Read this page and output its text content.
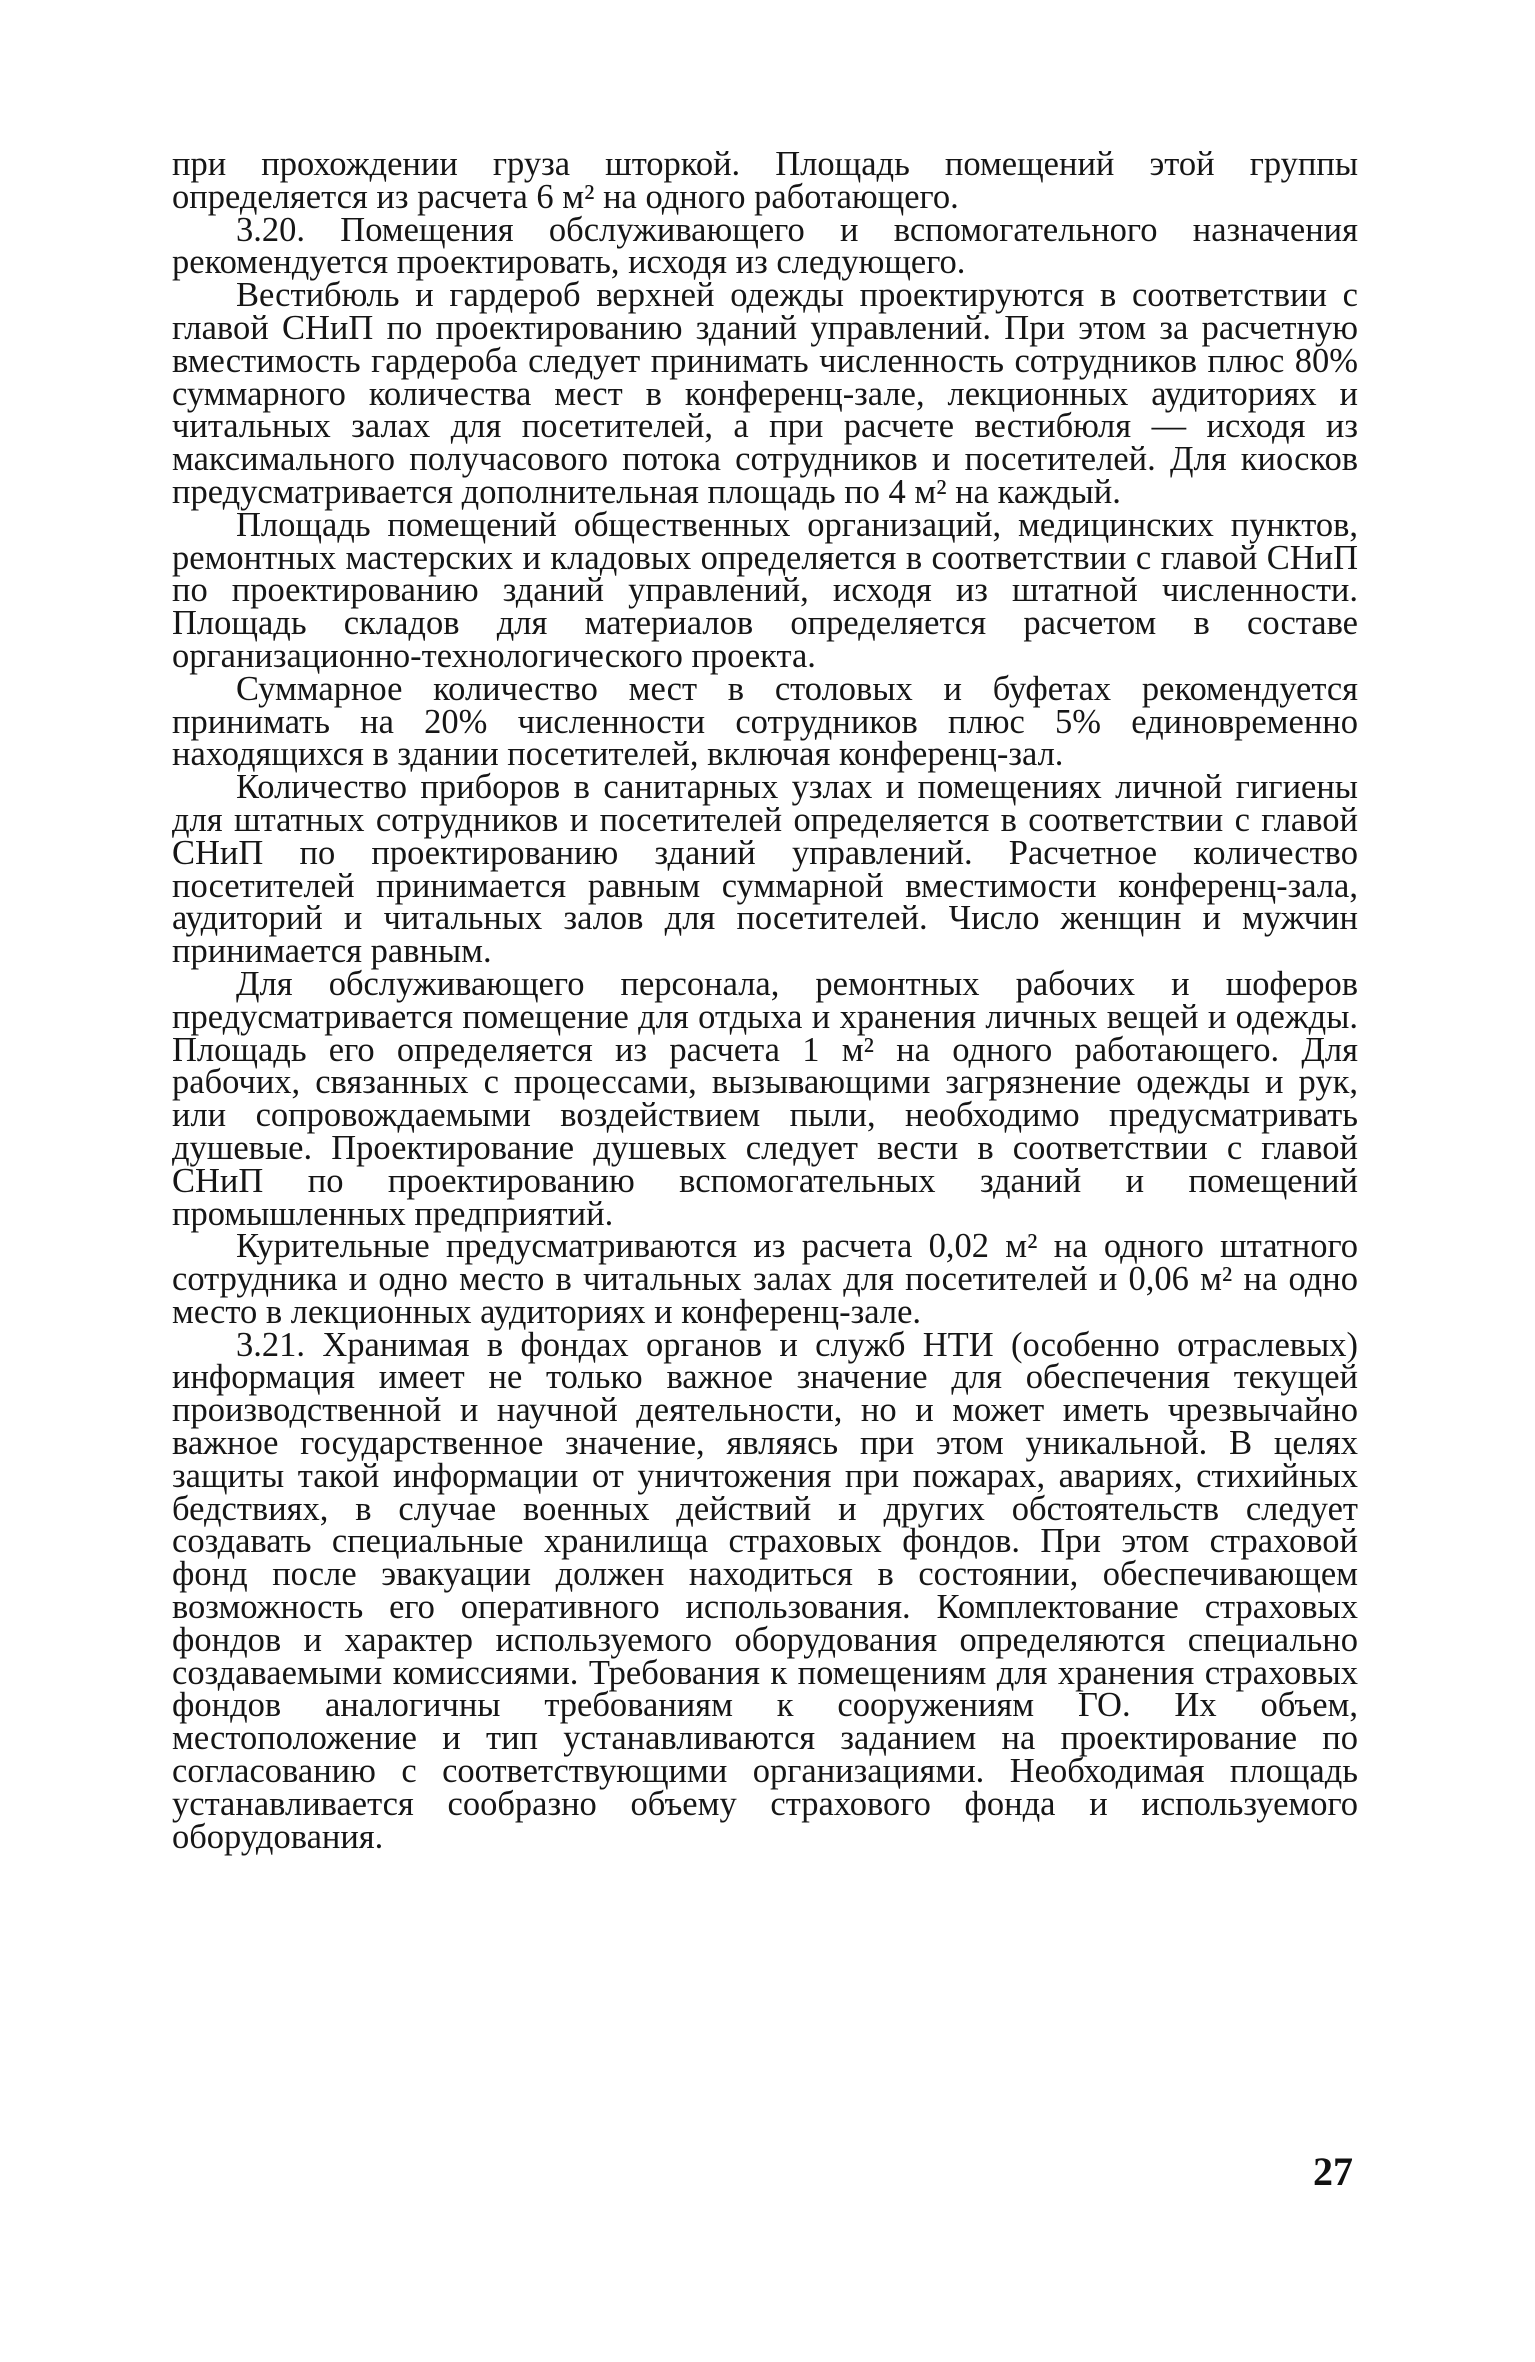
при прохождении груза шторкой. Площадь помещений этой группы определяется из расчета 6 м² на одного работающего.

3.20. Помещения обслуживающего и вспомогательного назначения рекомендуется проектировать, исходя из следующего.

Вестибюль и гардероб верхней одежды проектируются в соответствии с главой СНиП по проектированию зданий управлений. При этом за расчетную вместимость гардероба следует принимать численность сотрудников плюс 80% суммарного количества мест в конференц-зале, лекционных аудиториях и читальных залах для посетителей, а при расчете вестибюля — исходя из максимального получасового потока сотрудников и посетителей. Для киосков предусматривается дополнительная площадь по 4 м² на каждый.

Площадь помещений общественных организаций, медицинских пунктов, ремонтных мастерских и кладовых определяется в соответствии с главой СНиП по проектированию зданий управлений, исходя из штатной численности. Площадь складов для материалов определяется расчетом в составе организационно-технологического проекта.

Суммарное количество мест в столовых и буфетах рекомендуется принимать на 20% численности сотрудников плюс 5% единовременно находящихся в здании посетителей, включая конференц-зал.

Количество приборов в санитарных узлах и помещениях личной гигиены для штатных сотрудников и посетителей определяется в соответствии с главой СНиП по проектированию зданий управлений. Расчетное количество посетителей принимается равным суммарной вместимости конференц-зала, аудиторий и читальных залов для посетителей. Число женщин и мужчин принимается равным.

Для обслуживающего персонала, ремонтных рабочих и шоферов предусматривается помещение для отдыха и хранения личных вещей и одежды. Площадь его определяется из расчета 1 м² на одного работающего. Для рабочих, связанных с процессами, вызывающими загрязнение одежды и рук, или сопровождаемыми воздействием пыли, необходимо предусматривать душевые. Проектирование душевых следует вести в соответствии с главой СНиП по проектированию вспомогательных зданий и помещений промышленных предприятий.

Курительные предусматриваются из расчета 0,02 м² на одного штатного сотрудника и одно место в читальных залах для посетителей и 0,06 м² на одно место в лекционных аудиториях и конференц-зале.

3.21. Хранимая в фондах органов и служб НТИ (особенно отраслевых) информация имеет не только важное значение для обеспечения текущей производственной и научной деятельности, но и может иметь чрезвычайно важное государственное значение, являясь при этом уникальной. В целях защиты такой информации от уничтожения при пожарах, авариях, стихийных бедствиях, в случае военных действий и других обстоятельств следует создавать специальные хранилища страховых фондов. При этом страховой фонд после эвакуации должен находиться в состоянии, обеспечивающем возможность его оперативного использования. Комплектование страховых фондов и характер используемого оборудования определяются специально создаваемыми комиссиями. Требования к помещениям для хранения страховых фондов аналогичны требованиям к сооружениям ГО. Их объем, местоположение и тип устанавливаются заданием на проектирование по согласованию с соответствующими организациями. Необходимая площадь устанавливается сообразно объему страхового фонда и используемого оборудования.

27
